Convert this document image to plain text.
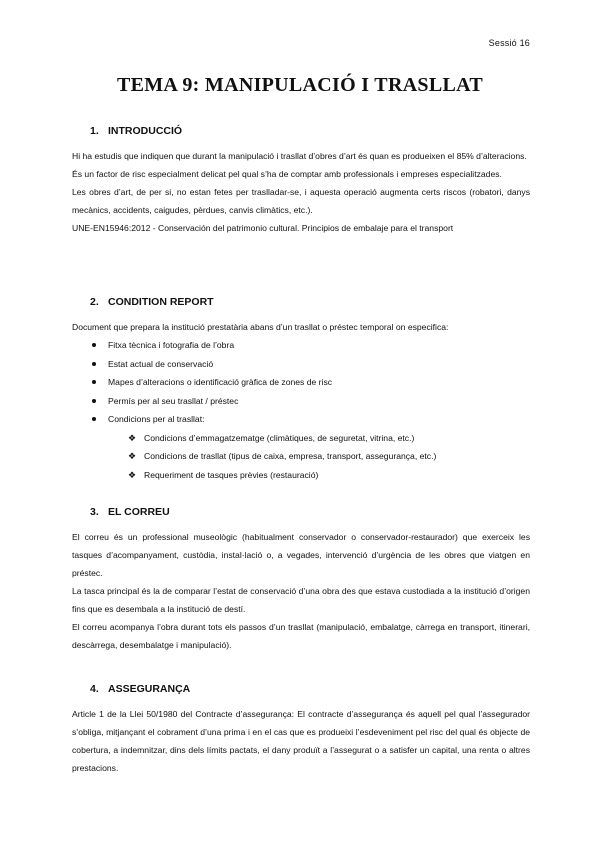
Sessió 16
TEMA 9: MANIPULACIÓ I TRASLLAT
1. INTRODUCCIÓ

Hi ha estudis que indiquen que durant la manipulació i trasllat d’obres d’art és quan es produeixen el 85% d’alteracions.

És un factor de risc especialment delicat pel qual s’ha de comptar amb professionals i empreses especialitzades.

Les obres d’art, de per si, no estan fetes per traslladar-se, i aquesta operació augmenta certs riscos (robatori, danys mecànics, accidents, caigudes, pèrdues, canvis climàtics, etc.).

UNE-EN15946:2012 - Conservación del patrimonio cultural. Principios de embalaje para el transport

2. CONDITION REPORT

Document que prepara la institució prestatària abans d’un trasllat o préstec temporal on especifica:

Fitxa tècnica i fotografia de l’obra
Estat actual de conservació
Mapes d’alteracions o identificació gràfica de zones de risc
Permís per al seu trasllat / préstec
Condicions per al trasllat:
❖ Condicions d’emmagatzematge (climàtiques, de seguretat, vitrina, etc.)
❖ Condicions de trasllat (tipus de caixa, empresa, transport, assegurança, etc.)
❖ Requeriment de tasques prèvies (restauració)
3. EL CORREU

El correu és un professional museològic (habitualment conservador o conservador-restaurador) que exerceix les tasques d’acompanyament, custòdia, instal·lació o, a vegades, intervenció d’urgència de les obres que viatgen en préstec.

La tasca principal és la de comparar l’estat de conservació d’una obra des que estava custodiada a la institució d’origen fins que es desembala a la institució de destí.

El correu acompanya l’obra durant tots els passos d’un trasllat (manipulació, embalatge, càrrega en transport, itinerari, descàrrega, desembalatge i manipulació).

4. ASSEGURANÇA

Article 1 de la Llei 50/1980 del Contracte d’assegurança: El contracte d’assegurança és aquell pel qual l’assegurador s’obliga, mitjançant el cobrament d’una prima i en el cas que es produeixi l’esdeveniment pel risc del qual és objecte de cobertura, a indemnitzar, dins dels límits pactats, el dany produït a l’assegurat o a satisfer un capital, una renta o altres prestacions.
